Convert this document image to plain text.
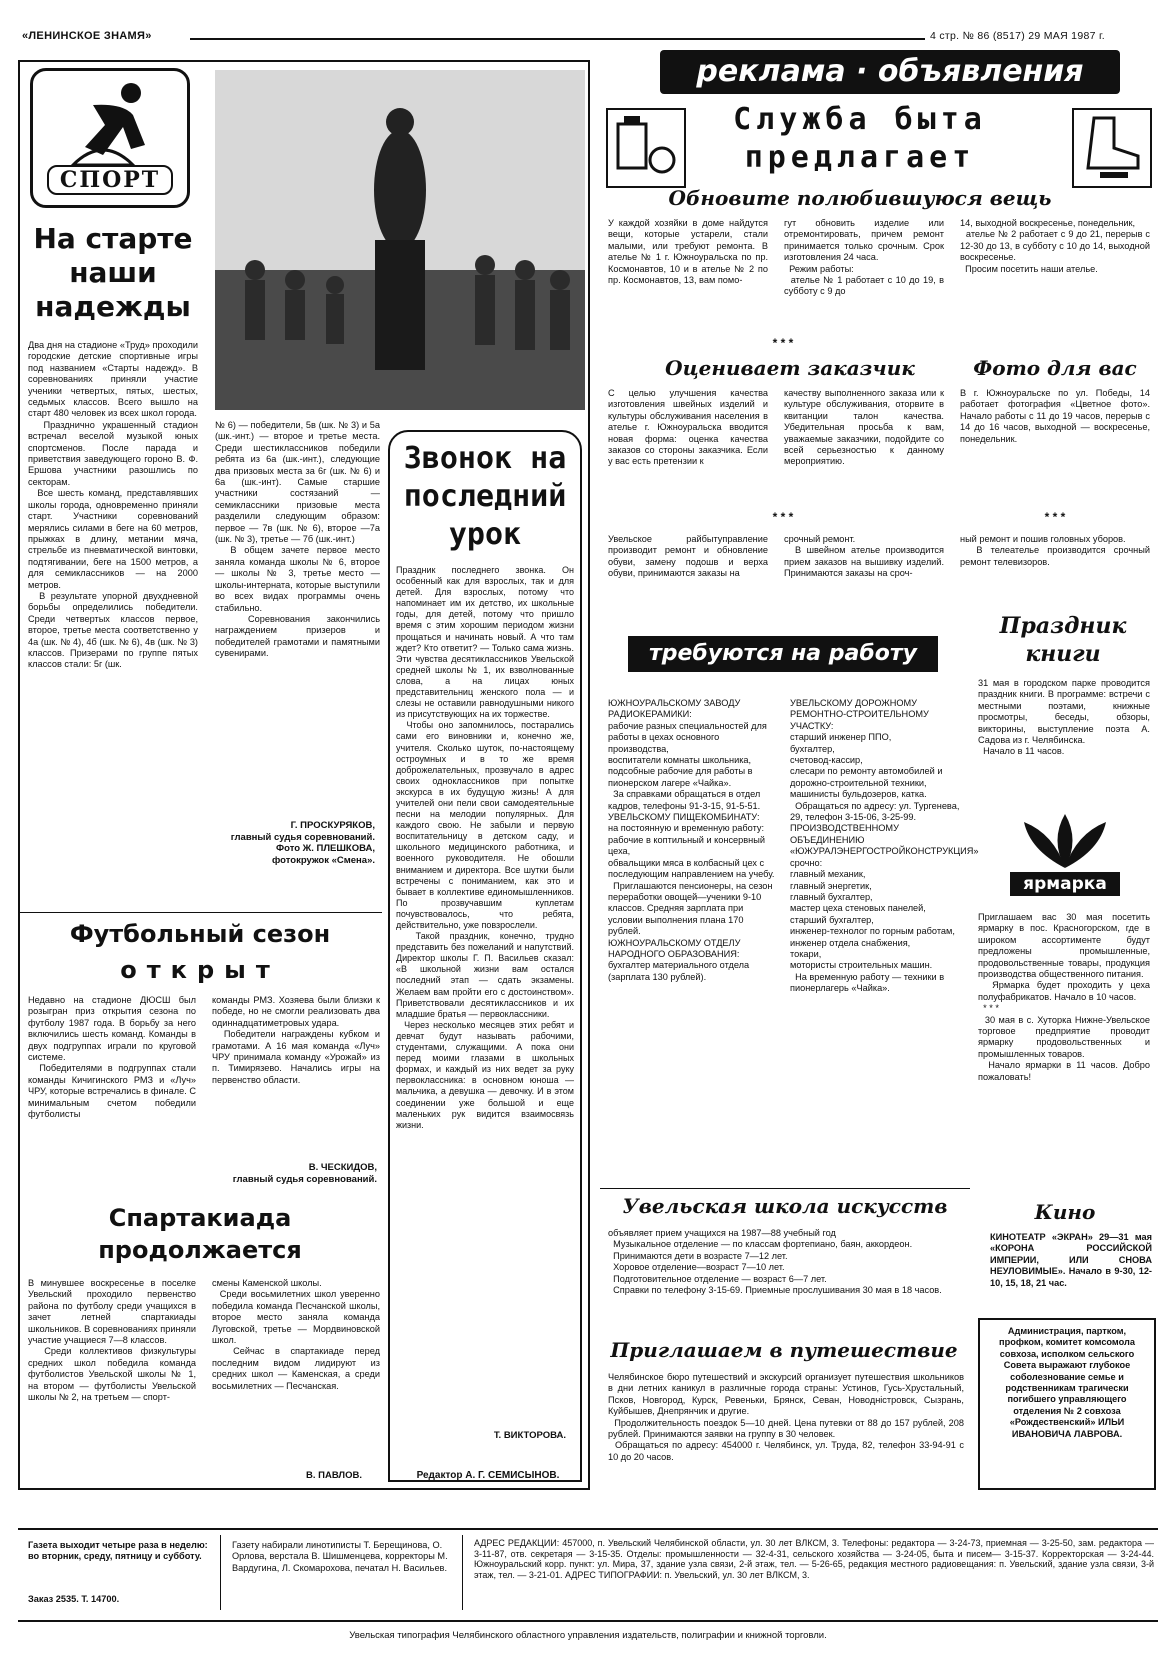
«ЛЕНИНСКОЕ ЗНАМЯ»	4 стр. № 86 (8517) 29 МАЯ 1987 г.
СПОРТ
На старте наши надежды
Два дня на стадионе «Труд» проходили городские детские спортивные игры под названием «Старты надежд». В соревнованиях приняли участие ученики четвертых, пятых, шестых, седьмых классов. Всего вышло на старт 480 человек из всех школ города.
Празднично украшенный стадион встречал веселой музыкой юных спортсменов. После парада и приветствия заведующего гороно В. Ф. Ершова участники разошлись по секторам.
Все шесть команд, представлявших школы города, одновременно приняли старт. Участники соревнований мерялись силами в беге на 60 метров, прыжках в длину, метании мяча, стрельбе из пневматической винтовки, подтягивании, беге на 1500 метров, а для семиклассников — на 2000 метров.
В результате упорной двухдневной борьбы определились победители. Среди четвертых классов первое, второе, третье места соответственно у 4а (шк. № 4), 4б (шк. № 6), 4в (шк. № 3) классов. Призерами по группе пятых классов стали: 5г (шк.
№ 6) — победители, 5в (шк. № 3) и 5а (шк.-инт.) — второе и третье места. Среди шестиклассников победили ребята из 6а (шк.-инт.), следующие два призовых места за 6г (шк. № 6) и 6а (шк.-инт). Самые старшие участники состязаний — семиклассники призовые места разделили следующим образом: первое — 7в (шк. № 6), второе —7а (шк. № 3), третье — 7б (шк.-инт.)
В общем зачете первое место заняла команда школы № 6, второе — школы № 3, третье место — школы-интерната, которые выступили во всех видах программы очень стабильно.
Соревнования закончились награждением призеров и победителей грамотами и памятными сувенирами.
Г. ПРОСКУРЯКОВ,
главный судья соревнований.
Фото Ж. ПЛЕШКОВА,
фотокружок «Смена».
Звонок на последний урок
Праздник последнего звонка. Он особенный как для взрослых, так и для детей. Для взрослых, потому что напоминает им их детство, их школьные годы, для детей, потому что пришло время с этим хорошим периодом жизни прощаться и начинать новый. А что там ждет? Кто ответит? — Только сама жизнь. Эти чувства десятиклассников Увельской средней школы № 1, их взволнованные слова, а на лицах юных представительниц женского пола — и слезы не оставили равнодушными никого из присутствующих на их торжестве.
Чтобы оно запомнилось, постарались сами его виновники и, конечно же, учителя. Сколько шуток, по-настоящему остроумных и в то же время доброжелательных, прозвучало в адрес своих одноклассников при попытке экскурса в их будущую жизнь! А для учителей они пели свои самодеятельные песни на мелодии популярных. Для каждого свою. Не забыли и первую воспитательницу в детском саду, и школьного медицинского работника, и военного руководителя. Не обошли вниманием и директора. Все шутки были встречены с пониманием, как это и бывает в коллективе единомышленников. По прозвучавшим куплетам почувствовалось, что ребята, действительно, уже повзрослели.
Такой праздник, конечно, трудно представить без пожеланий и напутствий. Директор школы Г. П. Васильев сказал: «В школьной жизни вам остался последний этап — сдать экзамены. Желаем вам пройти его с достоинством». Приветствовали десятиклассников и их младшие братья — первоклассники.
Через несколько месяцев этих ребят и девчат будут называть рабочими, студентами, служащими. А пока они перед моими глазами в школьных формах, и каждый из них ведет за руку первоклассника: в основном юноша — мальчика, а девушка — девочку. И в этом соединении уже большой и еще маленьких рук видится взаимосвязь жизни.
Т. ВИКТОРОВА.
Редактор А. Г. СЕМИСЫНОВ.
Футбольный сезон
открыт
Недавно на стадионе ДЮСШ был розыгран приз открытия сезона по футболу 1987 года. В борьбу за него включились шесть команд. Команды в двух подгруппах играли по круговой системе.
Победителями в подгруппах стали команды Кичигинского РМЗ и «Луч» ЧРУ, которые встречались в финале. С минимальным счетом победили футболисты
команды РМЗ. Хозяева были близки к победе, но не смогли реализовать два одиннадцатиметровых удара.
Победители награждены кубком и грамотами. А 16 мая команда «Луч» ЧРУ принимала команду «Урожай» из п. Тимирязево. Начались игры на первенство области.
В. ЧЕСКИДОВ,
главный судья соревнований.
Спартакиада продолжается
В минувшее воскресенье в поселке Увельский проходило первенство района по футболу среди учащихся в зачет летней спартакиады школьников. В соревнованиях приняли участие учащиеся 7—8 классов.
Среди коллективов физкультуры средних школ победила команда футболистов Увельской школы № 1, на втором — футболисты Увельской школы № 2, на третьем — спорт-
смены Каменской школы.
Среди восьмилетних школ уверенно победила команда Песчанской школы, второе место заняла команда Луговской, третье — Мордвиновской школ.
Сейчас в спартакиаде перед последним видом лидируют из средних школ — Каменская, а среди восьмилетних — Песчанская.
В. ПАВЛОВ.
реклама · объявления
Служба быта
предлагает
Обновите полюбившуюся вещь
У каждой хозяйки в доме найдутся вещи, которые устарели, стали малыми, или требуют ремонта. В ателье № 1 г. Южноуральска по пр. Космонавтов, 10 и в ателье № 2 по пр. Космонавтов, 13, вам помо-
гут обновить изделие или отремонтировать, причем ремонт принимается только срочным. Срок изготовления 24 часа.
Режим работы:
ателье № 1 работает с 10 до 19, в субботу с 9 до
14, выходной воскресенье, понедельник,
ателье № 2 работает с 9 до 21, перерыв с 12-30 до 13, в субботу с 10 до 14, выходной воскресенье.
Просим посетить наши ателье.
* * *
Оценивает заказчик
С целью улучшения качества изготовления швейных изделий и культуры обслуживания населения в ателье г. Южноуральска вводится новая форма: оценка качества заказов со стороны заказчика. Если у вас есть претензии к
качеству выполненного заказа или к культуре обслуживания, оторвите в квитанции талон качества. Убедительная просьба к вам, уважаемые заказчики, подойдите со всей серьезностью к данному мероприятию.
* * *
Фото для вас
В г. Южноуральске по ул. Победы, 14 работает фотография «Цветное фото». Начало работы с 11 до 19 часов, перерыв с 14 до 16 часов, выходной — воскресенье, понедельник.
* * *
Увельское райбытуправление производит ремонт и обновление обуви, замену подошв и верха обуви, принимаются заказы на
срочный ремонт.
В швейном ателье производится прием заказов на вышивку изделий. Принимаются заказы на сроч-
ный ремонт и пошив головных уборов.
В телеателье производится срочный ремонт телевизоров.
требуются на работу
ЮЖНОУРАЛЬСКОМУ ЗАВОДУ РАДИОКЕРАМИКИ:
рабочие разных специальностей для работы в цехах основного производства,
воспитатели комнаты школьника,
подсобные рабочие для работы в пионерском лагере «Чайка».
За справками обращаться в отдел кадров, телефоны 91-3-15, 91-5-51.
УВЕЛЬСКОМУ ПИЩЕКОМБИНАТУ:
на постоянную и временную работу:
рабочие в коптильный и консервный цеха,
обвальщики мяса в колбасный цех с последующим направлением на учебу.
Приглашаются пенсионеры, на сезон переработки овощей—ученики 9-10 классов. Средняя зарплата при условии выполнения плана 170 рублей.
ЮЖНОУРАЛЬСКОМУ ОТДЕЛУ НАРОДНОГО ОБРАЗОВАНИЯ:
бухгалтер материального отдела (зарплата 130 рублей).
УВЕЛЬСКОМУ ДОРОЖНОМУ РЕМОНТНО-СТРОИТЕЛЬНОМУ УЧАСТКУ:
старший инженер ППО,
бухгалтер,
счетовод-кассир,
слесари по ремонту автомобилей и дорожно-строительной техники,
машинисты бульдозеров, катка.
Обращаться по адресу: ул. Тургенева, 29, телефон 3-15-06, 3-25-99.
ПРОИЗВОДСТВЕННОМУ ОБЪЕДИНЕНИЮ «ЮЖУРАЛЭНЕРГОСТРОЙКОНСТРУКЦИЯ» срочно:
главный механик,
главный энергетик,
главный бухгалтер,
мастер цеха стеновых панелей,
старший бухгалтер,
инженер-технолог по горным работам,
инженер отдела снабжения,
токари,
мотористы строительных машин.
На временную работу — техники в пионерлагерь «Чайка».
Праздник
книги
31 мая в городском парке проводится праздник книги. В программе: встречи с местными поэтами, книжные просмотры, беседы, обзоры, викторины, выступление поэта А. Садова из г. Челябинска.
Начало в 11 часов.
ярмарка
Приглашаем вас 30 мая посетить ярмарку в пос. Красногорском, где в широком ассортименте будут предложены промышленные, продовольственные товары, продукция производства общественного питания.
Ярмарка будет проходить у цеха полуфабрикатов. Начало в 10 часов.
* * *
30 мая в с. Хуторка Нижне-Увельское торговое предприятие проводит ярмарку продовольственных и промышленных товаров.
Начало ярмарки в 11 часов. Добро пожаловать!
Увельская школа искусств
объявляет прием учащихся на 1987—88 учебный год
Музыкальное отделение — по классам фортепиано, баян, аккордеон.
Принимаются дети в возрасте 7—12 лет.
Хоровое отделение—возраст 7—10 лет.
Подготовительное отделение — возраст 6—7 лет.
Справки по телефону 3-15-69. Приемные прослушивания 30 мая в 18 часов.
Приглашаем в путешествие
Челябинское бюро путешествий и экскурсий организует путешествия школьников в дни летних каникул в различные города страны: Устинов, Гусь-Хрустальный, Псков, Новгород, Курск, Ревеньки, Брянск, Севан, Новодністровск, Сызрань, Куйбышев, Днепрянчик и другие.
Продолжительность поездок 5—10 дней. Цена путевки от 88 до 157 рублей, 208 рублей. Принимаются заявки на группу в 30 человек.
Обращаться по адресу: 454000 г. Челябинск, ул. Труда, 82, телефон 33-94-91 с 10 до 20 часов.
Кино
КИНОТЕАТР «ЭКРАН» 29—31 мая «КОРОНА РОССИЙСКОЙ ИМПЕРИИ, ИЛИ СНОВА НЕУЛОВИМЫЕ». Начало в 9-30, 12-10, 15, 18, 21 час.
Администрация, партком, профком, комитет комсомола совхоза, исполком сельского Совета выражают глубокое соболезнование семье и родственникам трагически погибшего управляющего отделения № 2 совхоза «Рождественский» ИЛЬИ ИВАНОВИЧА ЛАВРОВА.
Газета выходит четыре раза в неделю: во вторник, среду, пятницу и субботу.
Заказ 2535. Т. 14700.
Газету набирали линотиписты Т. Берещинова, О. Орлова, верстала В. Шишменцева, корректоры М. Вардугина, Л. Скомарохова, печатал Н. Васильев.
АДРЕС РЕДАКЦИИ: 457000, п. Увельский Челябинской области, ул. 30 лет ВЛКСМ, 3. Телефоны: редактора — 3-24-73, приемная — 3-25-50, зам. редактора — 3-11-87, отв. секретаря — 3-15-35. Отделы: промышленности — 32-4-31, сельского хозяйства — 3-24-05, быта и писем— 3-15-37. Корректорская — 3-24-44. Южноуральский корр. пункт: ул. Мира, 37, здание узла связи, 2-й этаж, тел. — 5-26-65, редакция местного радиовещания: п. Увельский, здание узла связи, 3-й этаж, тел. — 3-21-01. АДРЕС ТИПОГРАФИИ: п. Увельский, ул. 30 лет ВЛКСМ, 3.
Увельская типография Челябинского областного управления издательств, полиграфии и книжной торговли.
